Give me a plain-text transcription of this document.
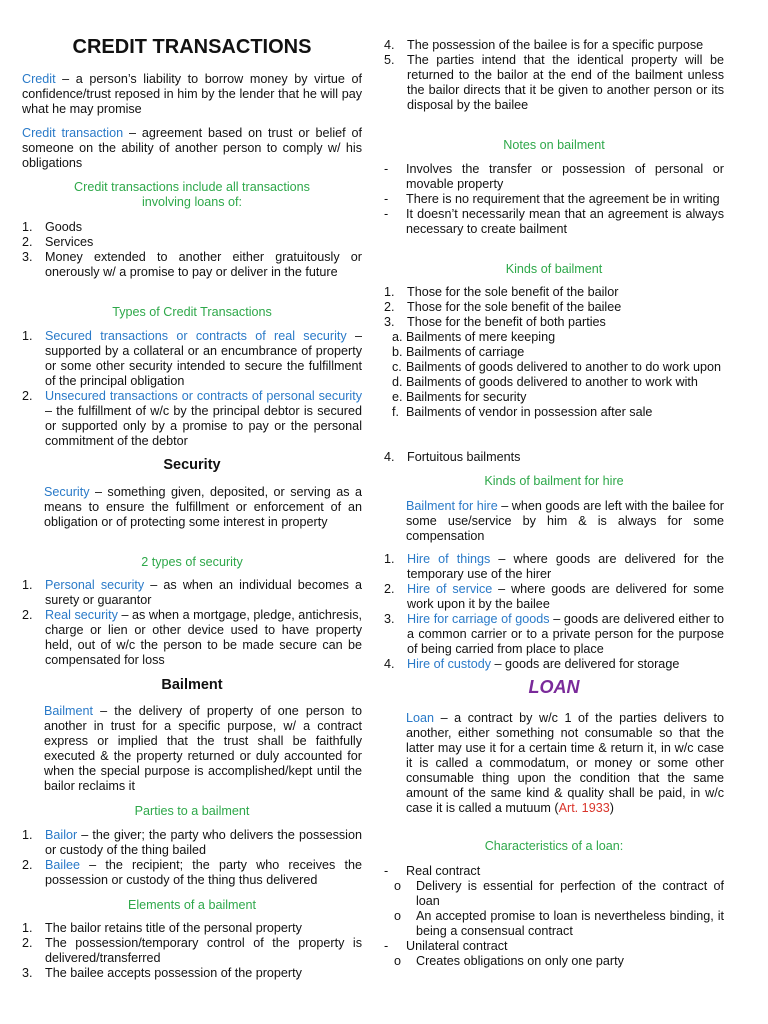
CREDIT TRANSACTIONS

Credit – a person’s liability to borrow money by virtue of confidence/trust reposed in him by the lender that he will pay what he may promise

Credit transaction – agreement based on trust or belief of someone on the ability of another person to comply w/ his obligations

Credit transactions include all transactions involving loans of:

1. Goods
2. Services
3. Money extended to another either gratuitously or onerously w/ a promise to pay or deliver in the future

Types of Credit Transactions

1. Secured transactions or contracts of real security – supported by a collateral or an encumbrance of property or some other security intended to secure the fulfillment of the principal obligation
2. Unsecured transactions or contracts of personal security – the fulfillment of w/c by the principal debtor is secured or supported only by a promise to pay or the personal commitment of the debtor
Security

Security – something given, deposited, or serving as a means to ensure the fulfillment or enforcement of an obligation or of protecting some interest in property

2 types of security

1. Personal security – as when an individual becomes a surety or guarantor
2. Real security – as when a mortgage, pledge, antichresis, charge or lien or other device used to have property held, out of w/c the person to be made secure can be compensated for loss
Bailment

Bailment – the delivery of property of one person to another in trust for a specific purpose, w/ a contract express or implied that the trust shall be faithfully executed & the property returned or duly accounted for when the special purpose is accomplished/kept until the bailor reclaims it

Parties to a bailment

1. Bailor – the giver; the party who delivers the possession or custody of the thing bailed
2. Bailee – the recipient; the party who receives the possession or custody of the thing thus delivered

Elements of a bailment

1. The bailor retains title of the personal property
2. The possession/temporary control of the property is delivered/transferred
3. The bailee accepts possession of the property
4. The possession of the bailee is for a specific purpose
5. The parties intend that the identical property will be returned to the bailor at the end of the bailment unless the bailor directs that it be given to another person or its disposal by the bailee

Notes on bailment

- Involves the transfer or possession of personal or movable property
- There is no requirement that the agreement be in writing
- It doesn’t necessarily mean that an agreement is always necessary to create bailment

Kinds of bailment

1. Those for the sole benefit of the bailor
2. Those for the sole benefit of the bailee
3. Those for the benefit of both parties
a. Bailments of mere keeping
b. Bailments of carriage
c. Bailments of goods delivered to another to do work upon
d. Bailments of goods delivered to another to work with
e. Bailments for security
f. Bailments of vendor in possession after sale
4. Fortuitous bailments

Kinds of bailment for hire

Bailment for hire – when goods are left with the bailee for some use/service by him & is always for some compensation

1. Hire of things – where goods are delivered for the temporary use of the hirer
2. Hire of service – where goods are delivered for some work upon it by the bailee
3. Hire for carriage of goods – goods are delivered either to a common carrier or to a private person for the purpose of being carried from place to place
4. Hire of custody – goods are delivered for storage
LOAN

Loan – a contract by w/c 1 of the parties delivers to another, either something not consumable so that the latter may use it for a certain time & return it, in w/c case it is called a commodatum, or money or some other consumable thing upon the condition that the same amount of the same kind & quality shall be paid, in w/c case it is called a mutuum (Art. 1933)

Characteristics of a loan:

- Real contract
o Delivery is essential for perfection of the contract of loan
o An accepted promise to loan is nevertheless binding, it being a consensual contract
- Unilateral contract
o Creates obligations on only one party
